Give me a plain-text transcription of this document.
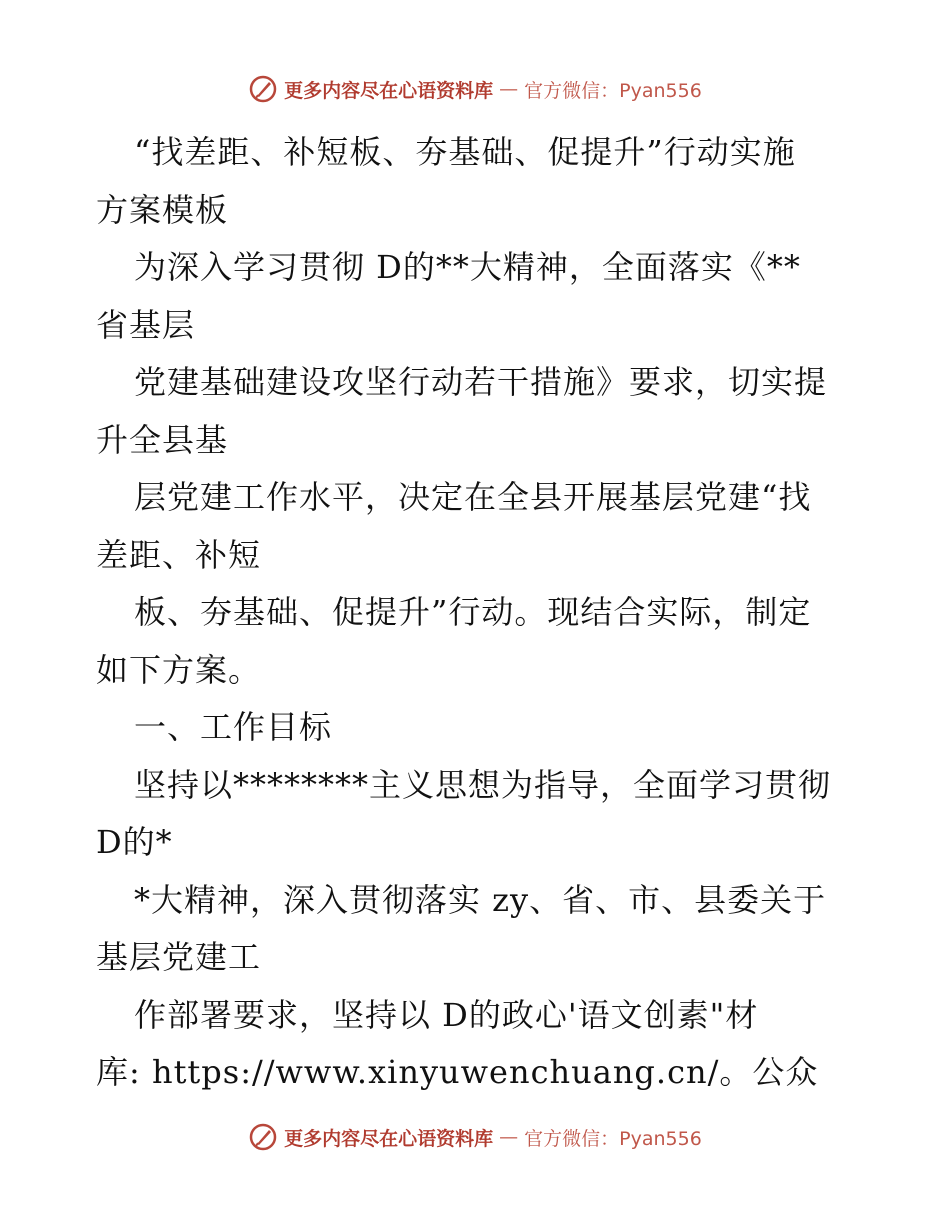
更多内容尽在心语资料库 — 官方微信：Pyan556
“找差距、补短板、夯基础、促提升”行动实施
方案模板
为深入学习贯彻 D的**大精神，全面落实《**
省基层
党建基础建设攻坚行动若干措施》要求，切实提
升全县基
层党建工作水平，决定在全县开展基层党建“找
差距、补短
板、夯基础、促提升”行动。现结合实际，制定
如下方案。
一、工作目标
坚持以********主义思想为指导，全面学习贯彻
D的*
*大精神，深入贯彻落实 zy、省、市、县委关于
基层党建工
作部署要求，坚持以 D的政心'语文创素"材
库: https://www.xinyuwenchuang.cn/。公众
更多内容尽在心语资料库 — 官方微信：Pyan556
